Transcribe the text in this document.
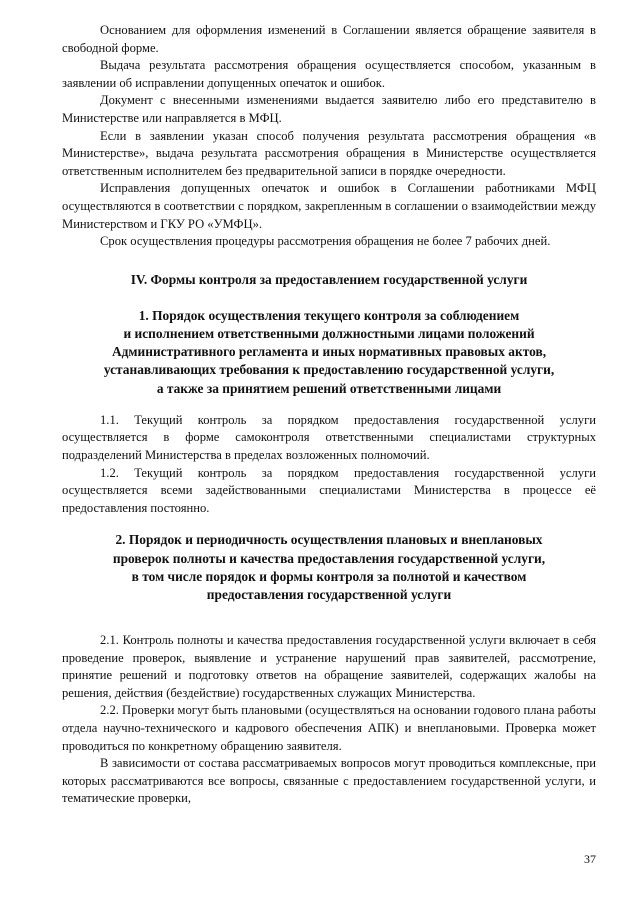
Основанием для оформления изменений в Соглашении является обращение заявителя в свободной форме.

Выдача результата рассмотрения обращения осуществляется способом, указанным в заявлении об исправлении допущенных опечаток и ошибок.

Документ с внесенными изменениями выдается заявителю либо его представителю в Министерстве или направляется в МФЦ.

Если в заявлении указан способ получения результата рассмотрения обращения «в Министерстве», выдача результата рассмотрения обращения в Министерстве осуществляется ответственным исполнителем без предварительной записи в порядке очередности.

Исправления допущенных опечаток и ошибок в Соглашении работниками МФЦ осуществляются в соответствии с порядком, закрепленным в соглашении о взаимодействии между Министерством и ГКУ РО «УМФЦ».

Срок осуществления процедуры рассмотрения обращения не более 7 рабочих дней.

IV. Формы контроля за предоставлением государственной услуги
1. Порядок осуществления текущего контроля за соблюдением
и исполнением ответственными должностными лицами положений
Административного регламента и иных нормативных правовых актов,
устанавливающих требования к предоставлению государственной услуги,
а также за принятием решений ответственными лицами

1.1. Текущий контроль за порядком предоставления государственной услуги осуществляется в форме самоконтроля ответственными специалистами структурных подразделений Министерства в пределах возложенных полномочий.

1.2. Текущий контроль за порядком предоставления государственной услуги осуществляется всеми задействованными специалистами Министерства в процессе её предоставления постоянно.

2. Порядок и периодичность осуществления плановых и внеплановых
проверок полноты и качества предоставления государственной услуги,
в том числе порядок и формы контроля за полнотой и качеством
предоставления государственной услуги

2.1. Контроль полноты и качества предоставления государственной услуги включает в себя проведение проверок, выявление и устранение нарушений прав заявителей, рассмотрение, принятие решений и подготовку ответов на обращение заявителей, содержащих жалобы на решения, действия (бездействие) государственных служащих Министерства.

2.2. Проверки могут быть плановыми (осуществляться на основании годового плана работы отдела научно-технического и кадрового обеспечения АПК) и внеплановыми. Проверка может проводиться по конкретному обращению заявителя.

В зависимости от состава рассматриваемых вопросов могут проводиться комплексные, при которых рассматриваются все вопросы, связанные с предоставлением государственной услуги, и тематические проверки,

37
